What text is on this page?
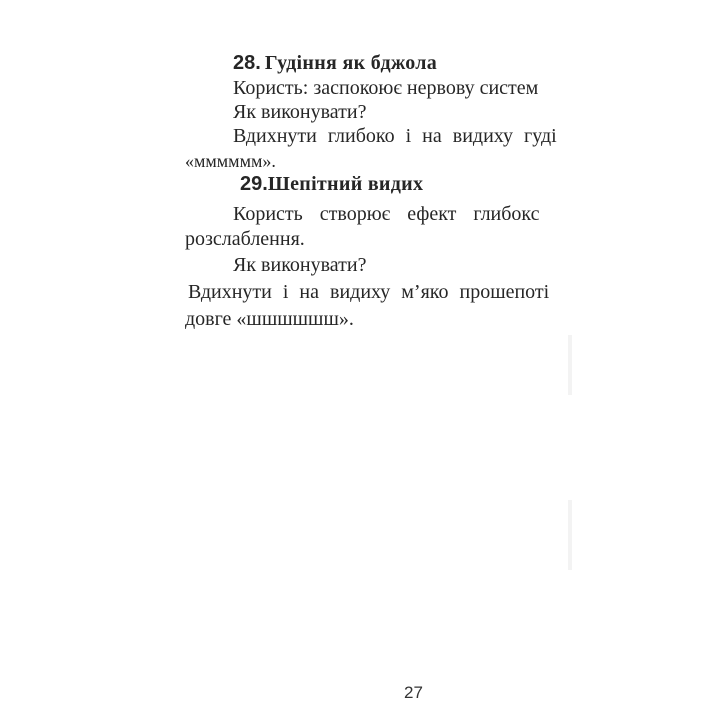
28. Гудіння як бджола
Користь: заспокоює нервову систем
Як виконувати?
Вдихнути глибоко і на видиху гуді
«мммммм».
29.Шепітний видих
Користь створює ефект глибокс
розслаблення.
Як виконувати?
Вдихнути і на видиху м’яко прошепоті
довге «шшшшшш».
27
